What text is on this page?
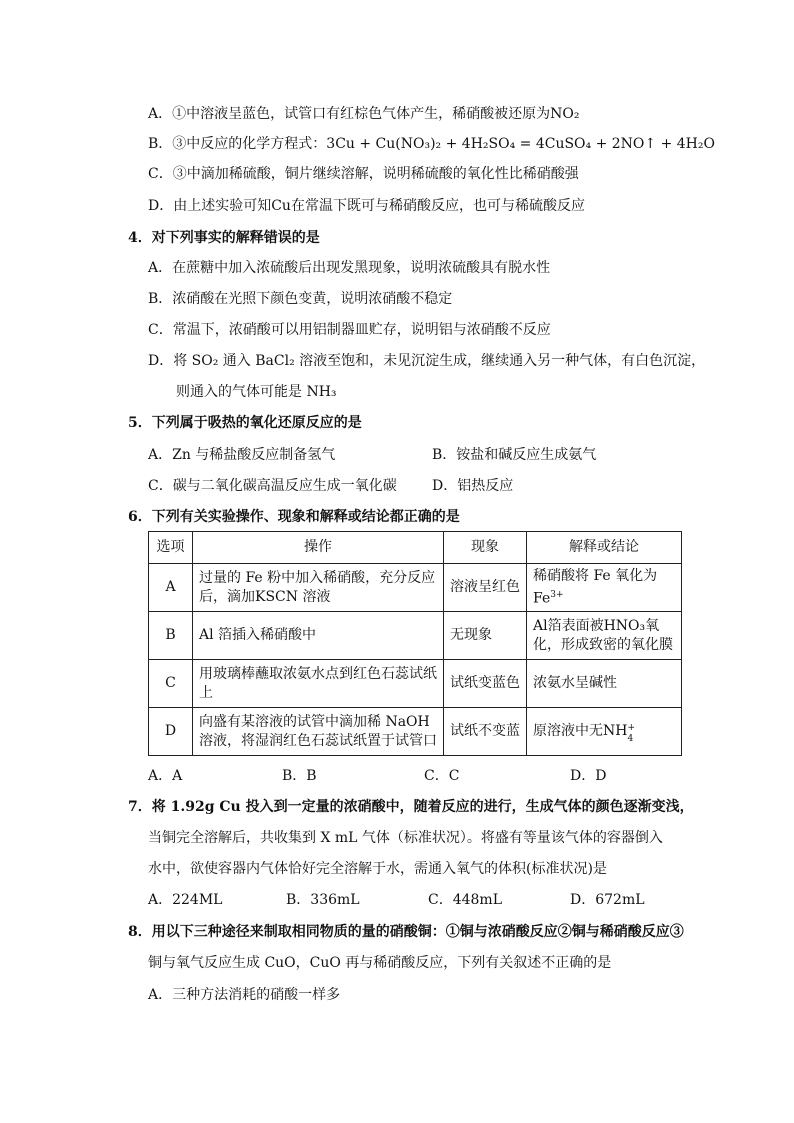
A．①中溶液呈蓝色，试管口有红棕色气体产生，稀硝酸被还原为NO₂
B．③中反应的化学方程式：3Cu + Cu(NO₃)₂ + 4H₂SO₄ = 4CuSO₄ + 2NO↑ + 4H₂O
C．③中滴加稀硫酸，铜片继续溶解，说明稀硫酸的氧化性比稀硝酸强
D．由上述实验可知Cu在常温下既可与稀硝酸反应，也可与稀硫酸反应
4．对下列事实的解释错误的是
A．在蔗糖中加入浓硫酸后出现发黑现象，说明浓硫酸具有脱水性
B．浓硝酸在光照下颜色变黄，说明浓硝酸不稳定
C．常温下，浓硝酸可以用铝制器皿贮存，说明铝与浓硝酸不反应
D．将 SO₂ 通入 BaCl₂ 溶液至饱和，未见沉淀生成，继续通入另一种气体，有白色沉淀，
则通入的气体可能是 NH₃
5．下列属于吸热的氧化还原反应的是
A．Zn 与稀盐酸反应制备氢气	B．铵盐和碱反应生成氨气
C．碳与二氧化碳高温反应生成一氧化碳	D．铝热反应
6．下列有关实验操作、现象和解释或结论都正确的是
选项	操作	现象	解释或结论
A	过量的 Fe 粉中加入稀硝酸，充分反应后，滴加KSCN 溶液	溶液呈红色	稀硝酸将 Fe 氧化为
$Fe^{3+}$
B	Al 箔插入稀硝酸中	无现象	Al箔表面被HNO₃氧化，形成致密的氧化膜
C	用玻璃棒蘸取浓氨水点到红色石蕊试纸上	试纸变蓝色	浓氨水呈碱性
D	向盛有某溶液的试管中滴加稀 NaOH 溶液，将湿润红色石蕊试纸置于试管口	试纸不变蓝	原溶液中无NH +
4
A．A	B．B	C．C	D．D
7．将 1.92g Cu 投入到一定量的浓硝酸中，随着反应的进行，生成气体的颜色逐渐变浅，
当铜完全溶解后，共收集到 X mL 气体（标准状况）。将盛有等量该气体的容器倒入
水中，欲使容器内气体恰好完全溶解于水，需通入氧气的体积(标准状况)是
A．224ML	B．336mL	C．448mL	D．672mL
8．用以下三种途径来制取相同物质的量的硝酸铜：①铜与浓硝酸反应②铜与稀硝酸反应③
铜与氧气反应生成 CuO，CuO 再与稀硝酸反应，下列有关叙述不正确的是
A．三种方法消耗的硝酸一样多
